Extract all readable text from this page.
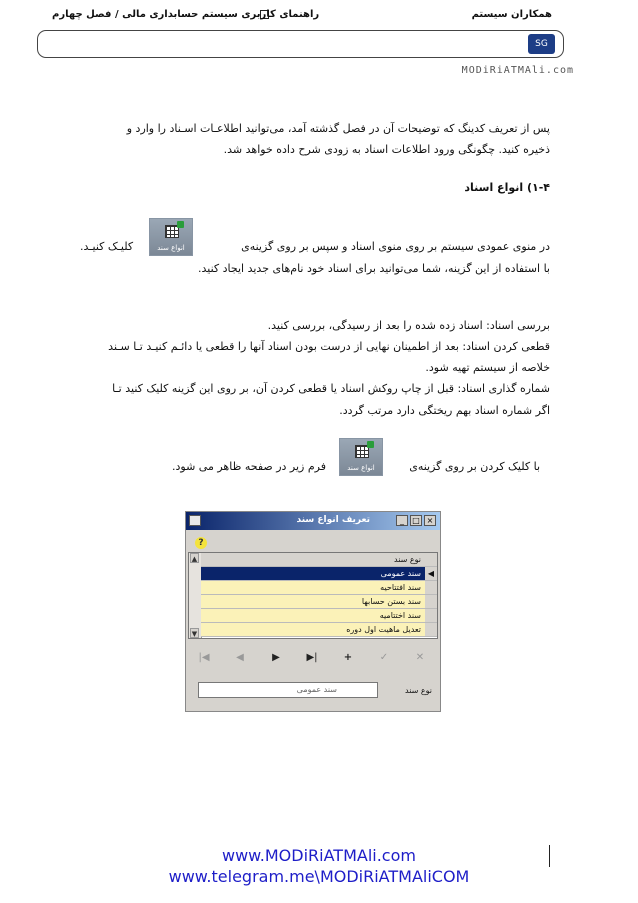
SG
همکاران سیستم
راهنمای کاربری سیستم حسابداری مالی / فصل چهارم
MODiRiATMAli.com
پس از تعریف کدینگ که توضیحات آن در فصل گذشته آمد، می‌توانید اطلاعـات اسـناد را وارد و
ذخیره کنید. چگونگی ورود اطلاعات اسناد به زودی شرح داده خواهد شد.
۱-۴) انواع اسناد
در منوی عمودی سیستم بر روی منوی اسناد و سپس بر روی گزینه‌ی
انواع سند
کلیـک کنیـد.
با استفاده از این گزینه، شما می‌توانید برای اسناد خود نام‌های جدید ایجاد کنید.
بررسی اسناد: اسناد زده شده را بعد از رسیدگی، بررسی کنید.
قطعی کردن اسناد: بعد از اطمینان نهایی از درست بودن اسناد آنها را قطعی یا دائـم کنیـد تـا سـند
خلاصه از سیستم تهیه شود.
شماره گذاری اسناد: قبل از چاپ روکش اسناد یا قطعی کردن آن، بر روی این گزینه کلیک کنید تـا
اگر شماره اسناد بهم ریختگی دارد مرتب گردد.
با کلیک کردن بر روی گزینه‌ی
انواع سند
فرم زیر در صفحه ظاهر می شود.
_	□ ×
تعریف انواع سند
?
▲
▼
نوع سند
◀
سند عمومی
سند افتتاحیه
سند بستن حسابها
سند اختتامیه
تعدیل ماهیت اول دوره
|◀	◀	▶	▶|	+	✓	✕
نوع سند
سند عمومی
www.MODiRiATMAli.com
www.telegram.me\MODiRiATMAliCOM
